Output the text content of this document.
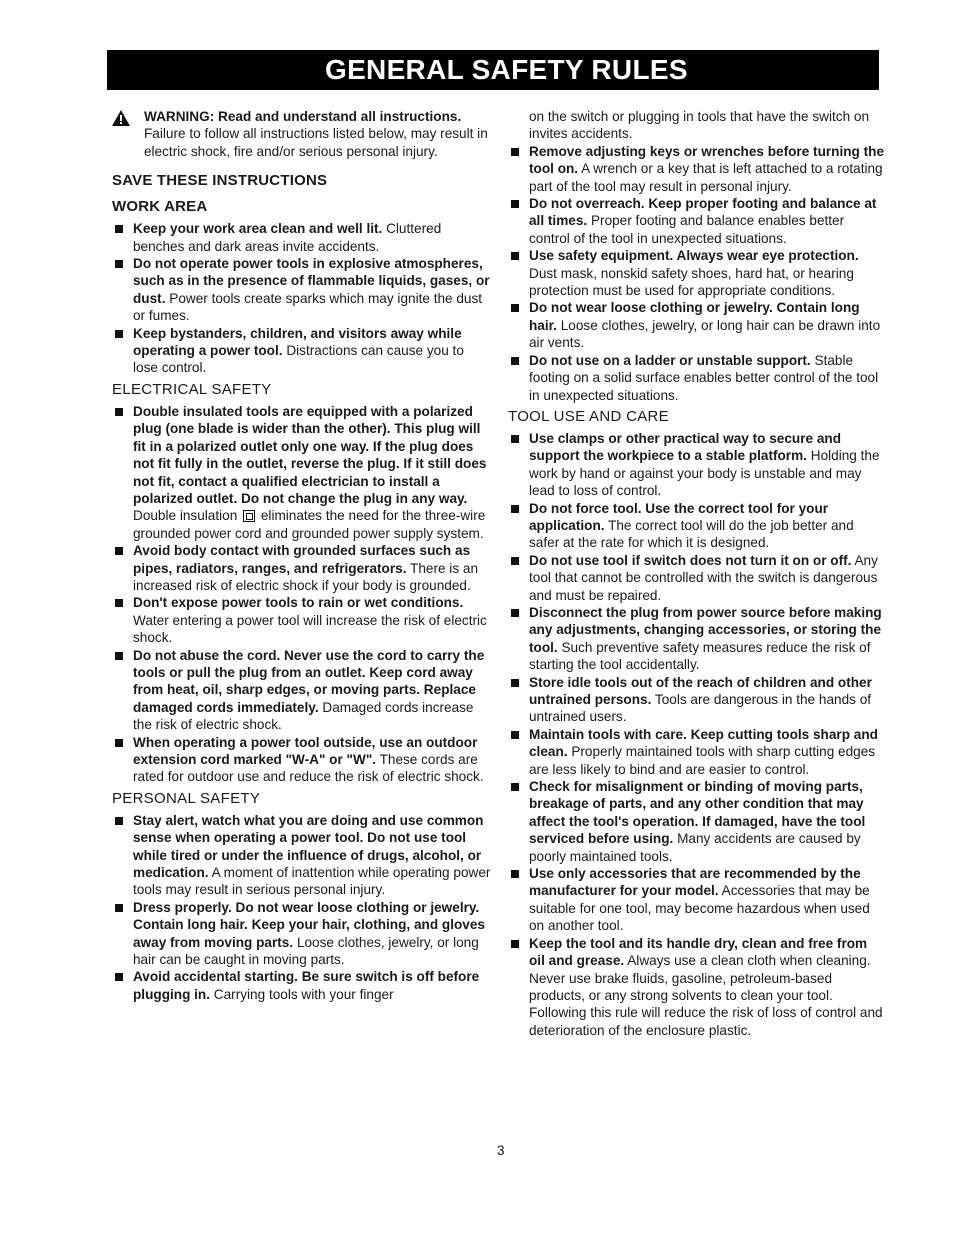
GENERAL SAFETY RULES
WARNING: Read and understand all instructions. Failure to follow all instructions listed below, may result in electric shock, fire and/or serious personal injury.
SAVE THESE INSTRUCTIONS
WORK AREA
Keep your work area clean and well lit. Cluttered benches and dark areas invite accidents.
Do not operate power tools in explosive atmospheres, such as in the presence of flammable liquids, gases, or dust. Power tools create sparks which may ignite the dust or fumes.
Keep bystanders, children, and visitors away while operating a power tool. Distractions can cause you to lose control.
ELECTRICAL SAFETY
Double insulated tools are equipped with a polarized plug (one blade is wider than the other). This plug will fit in a polarized outlet only one way. If the plug does not fit fully in the outlet, reverse the plug. If it still does not fit, contact a qualified electrician to install a polarized outlet. Do not change the plug in any way. Double insulation eliminates the need for the three-wire grounded power cord and grounded power supply system.
Avoid body contact with grounded surfaces such as pipes, radiators, ranges, and refrigerators. There is an increased risk of electric shock if your body is grounded.
Don't expose power tools to rain or wet conditions. Water entering a power tool will increase the risk of electric shock.
Do not abuse the cord. Never use the cord to carry the tools or pull the plug from an outlet. Keep cord away from heat, oil, sharp edges, or moving parts. Replace damaged cords immediately. Damaged cords increase the risk of electric shock.
When operating a power tool outside, use an outdoor extension cord marked "W-A" or "W". These cords are rated for outdoor use and reduce the risk of electric shock.
PERSONAL SAFETY
Stay alert, watch what you are doing and use common sense when operating a power tool. Do not use tool while tired or under the influence of drugs, alcohol, or medication. A moment of inattention while operating power tools may result in serious personal injury.
Dress properly. Do not wear loose clothing or jewelry. Contain long hair. Keep your hair, clothing, and gloves away from moving parts. Loose clothes, jewelry, or long hair can be caught in moving parts.
Avoid accidental starting. Be sure switch is off before plugging in. Carrying tools with your finger
on the switch or plugging in tools that have the switch on invites accidents.
Remove adjusting keys or wrenches before turning the tool on. A wrench or a key that is left attached to a rotating part of the tool may result in personal injury.
Do not overreach. Keep proper footing and balance at all times. Proper footing and balance enables better control of the tool in unexpected situations.
Use safety equipment. Always wear eye protection. Dust mask, nonskid safety shoes, hard hat, or hearing protection must be used for appropriate conditions.
Do not wear loose clothing or jewelry. Contain long hair. Loose clothes, jewelry, or long hair can be drawn into air vents.
Do not use on a ladder or unstable support. Stable footing on a solid surface enables better control of the tool in unexpected situations.
TOOL USE AND CARE
Use clamps or other practical way to secure and support the workpiece to a stable platform. Holding the work by hand or against your body is unstable and may lead to loss of control.
Do not force tool. Use the correct tool for your application. The correct tool will do the job better and safer at the rate for which it is designed.
Do not use tool if switch does not turn it on or off. Any tool that cannot be controlled with the switch is dangerous and must be repaired.
Disconnect the plug from power source before making any adjustments, changing accessories, or storing the tool. Such preventive safety measures reduce the risk of starting the tool accidentally.
Store idle tools out of the reach of children and other untrained persons. Tools are dangerous in the hands of untrained users.
Maintain tools with care. Keep cutting tools sharp and clean. Properly maintained tools with sharp cutting edges are less likely to bind and are easier to control.
Check for misalignment or binding of moving parts, breakage of parts, and any other condition that may affect the tool's operation. If damaged, have the tool serviced before using. Many accidents are caused by poorly maintained tools.
Use only accessories that are recommended by the manufacturer for your model. Accessories that may be suitable for one tool, may become hazardous when used on another tool.
Keep the tool and its handle dry, clean and free from oil and grease. Always use a clean cloth when cleaning. Never use brake fluids, gasoline, petroleum-based products, or any strong solvents to clean your tool. Following this rule will reduce the risk of loss of control and deterioration of the enclosure plastic.
3
